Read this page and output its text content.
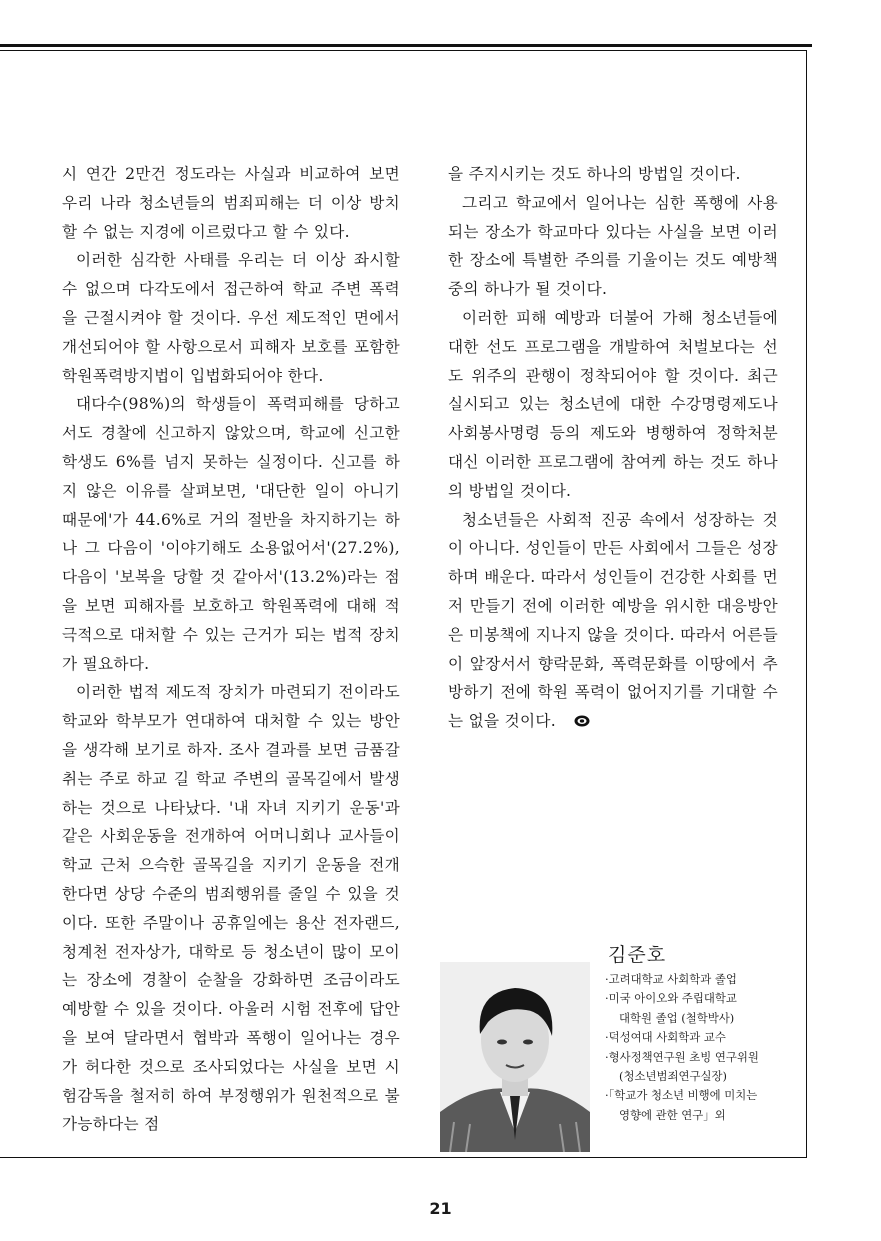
시 연간 2만건 정도라는 사실과 비교하여 보면 우리 나라 청소년들의 범죄피해는 더 이상 방치할 수 없는 지경에 이르렀다고 할 수 있다.

이러한 심각한 사태를 우리는 더 이상 좌시할 수 없으며 다각도에서 접근하여 학교 주변 폭력을 근절시켜야 할 것이다. 우선 제도적인 면에서 개선되어야 할 사항으로서 피해자 보호를 포함한 학원폭력방지법이 입법화되어야 한다.

대다수(98%)의 학생들이 폭력피해를 당하고서도 경찰에 신고하지 않았으며, 학교에 신고한 학생도 6%를 넘지 못하는 실정이다. 신고를 하지 않은 이유를 살펴보면, '대단한 일이 아니기 때문에'가 44.6%로 거의 절반을 차지하기는 하나 그 다음이 '이야기해도 소용없어서'(27.2%), 다음이 '보복을 당할 것 같아서'(13.2%)라는 점을 보면 피해자를 보호하고 학원폭력에 대해 적극적으로 대처할 수 있는 근거가 되는 법적 장치가 필요하다.

이러한 법적 제도적 장치가 마련되기 전이라도 학교와 학부모가 연대하여 대처할 수 있는 방안을 생각해 보기로 하자. 조사 결과를 보면 금품갈취는 주로 하교 길 학교 주변의 골목길에서 발생하는 것으로 나타났다. '내 자녀 지키기 운동'과 같은 사회운동을 전개하여 어머니회나 교사들이 학교 근처 으슥한 골목길을 지키기 운동을 전개한다면 상당 수준의 범죄행위를 줄일 수 있을 것이다. 또한 주말이나 공휴일에는 용산 전자랜드, 청계천 전자상가, 대학로 등 청소년이 많이 모이는 장소에 경찰이 순찰을 강화하면 조금이라도 예방할 수 있을 것이다. 아울러 시험 전후에 답안을 보여 달라면서 협박과 폭행이 일어나는 경우가 허다한 것으로 조사되었다는 사실을 보면 시험감독을 철저히 하여 부정행위가 원천적으로 불가능하다는 점

을 주지시키는 것도 하나의 방법일 것이다.

그리고 학교에서 일어나는 심한 폭행에 사용되는 장소가 학교마다 있다는 사실을 보면 이러한 장소에 특별한 주의를 기울이는 것도 예방책 중의 하나가 될 것이다.

이러한 피해 예방과 더불어 가해 청소년들에 대한 선도 프로그램을 개발하여 처벌보다는 선도 위주의 관행이 정착되어야 할 것이다. 최근 실시되고 있는 청소년에 대한 수강명령제도나 사회봉사명령 등의 제도와 병행하여 정학처분 대신 이러한 프로그램에 참여케 하는 것도 하나의 방법일 것이다.

청소년들은 사회적 진공 속에서 성장하는 것이 아니다. 성인들이 만든 사회에서 그들은 성장하며 배운다. 따라서 성인들이 건강한 사회를 먼저 만들기 전에 이러한 예방을 위시한 대응방안은 미봉책에 지나지 않을 것이다. 따라서 어른들이 앞장서서 향락문화, 폭력문화를 이땅에서 추방하기 전에 학원 폭력이 없어지기를 기대할 수는 없을 것이다.

김준호
·고려대학교 사회학과 졸업
·미국 아이오와 주립대학교
대학원 졸업 (철학박사)
·덕성여대 사회학과 교수
·형사정책연구원 초빙 연구위원
(청소년범죄연구실장)
·「학교가 청소년 비행에 미치는
영향에 관한 연구」외
21
